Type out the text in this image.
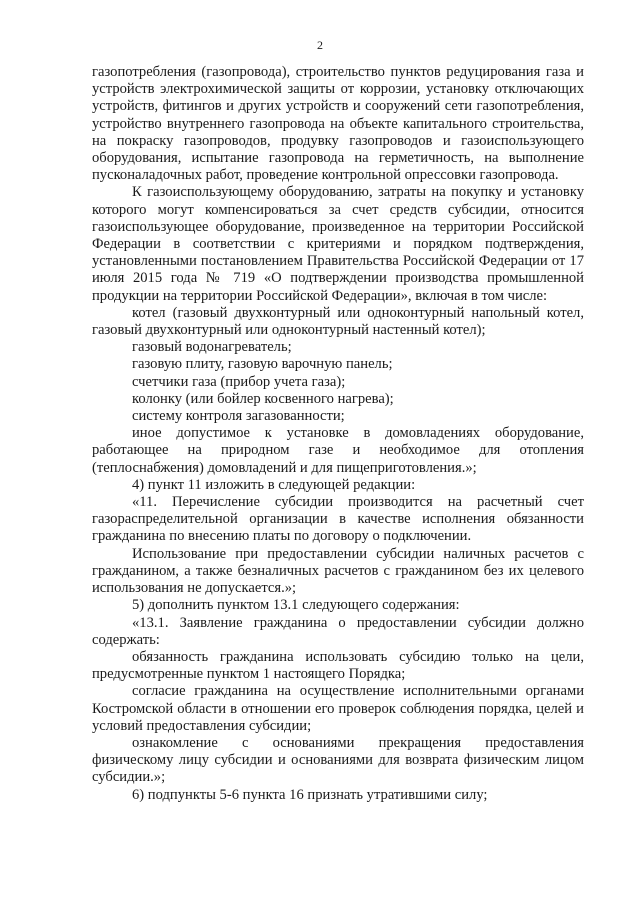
2

газопотребления (газопровода), строительство пунктов редуцирования газа и устройств электрохимической защиты от коррозии, установку отключающих устройств, фитингов и других устройств и сооружений сети газопотребления, устройство внутреннего газопровода на объекте капитального строительства, на покраску газопроводов, продувку газопроводов и газоиспользующего оборудования, испытание газопровода на герметичность, на выполнение пусконаладочных работ, проведение контрольной опрессовки газопровода.

К газоиспользующему оборудованию, затраты на покупку и установку которого могут компенсироваться за счет средств субсидии, относится газоиспользующее оборудование, произведенное на территории Российской Федерации в соответствии с критериями и порядком подтверждения, установленными постановлением Правительства Российской Федерации от 17 июля 2015 года № 719 «О подтверждении производства промышленной продукции на территории Российской Федерации», включая в том числе:

котел (газовый двухконтурный или одноконтурный напольный котел, газовый двухконтурный или одноконтурный настенный котел);

газовый водонагреватель;

газовую плиту, газовую варочную панель;

счетчики газа (прибор учета газа);

колонку (или бойлер косвенного нагрева);

систему контроля загазованности;

иное допустимое к установке в домовладениях оборудование, работающее на природном газе и необходимое для отопления (теплоснабжения) домовладений и для пищеприготовления.»;

4) пункт 11 изложить в следующей редакции:

«11. Перечисление субсидии производится на расчетный счет газораспределительной организации в качестве исполнения обязанности гражданина по внесению платы по договору о подключении.

Использование при предоставлении субсидии наличных расчетов с гражданином, а также безналичных расчетов с гражданином без их целевого использования не допускается.»;

5) дополнить пунктом 13.1 следующего содержания:

«13.1. Заявление гражданина о предоставлении субсидии должно содержать:

обязанность гражданина использовать субсидию только на цели, предусмотренные пунктом 1 настоящего Порядка;

согласие гражданина на осуществление исполнительными органами Костромской области в отношении его проверок соблюдения порядка, целей и условий предоставления субсидии;

ознакомление с основаниями прекращения предоставления физическому лицу субсидии и основаниями для возврата физическим лицом субсидии.»;

6) подпункты 5-6 пункта 16 признать утратившими силу;
